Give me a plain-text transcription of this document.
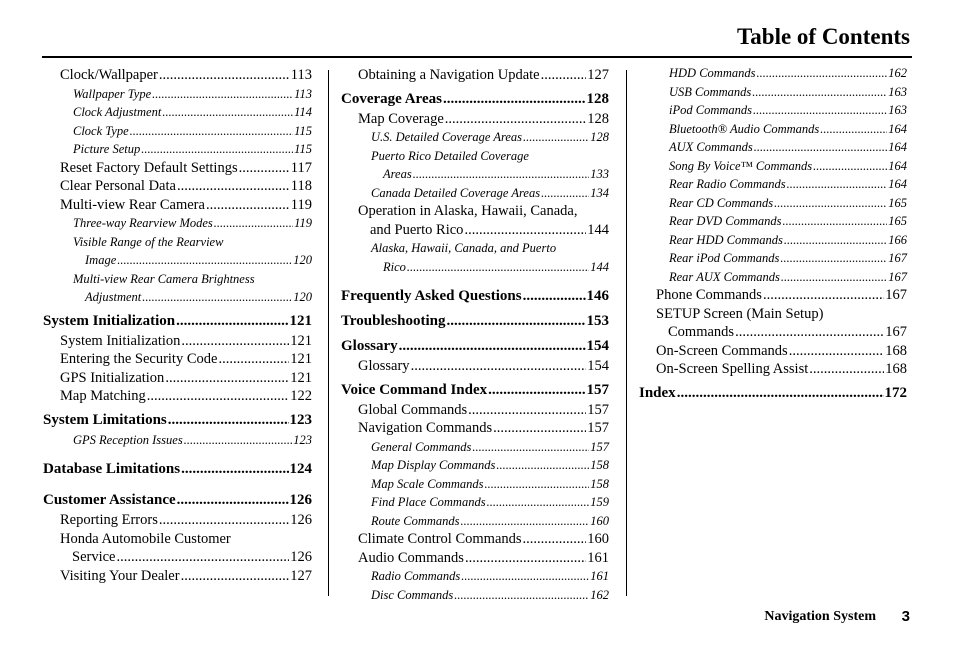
Table of Contents
Clock/Wallpaper .....	113
Wallpaper Type .....	113
Clock Adjustment .....	114
Clock Type .....	115
Picture Setup .....	115
Reset Factory Default Settings .....	117
Clear Personal Data .....	118
Multi-view Rear Camera .....	119
Three-way Rearview Modes .....	119
Visible Range of the Rearview
Image .....	120
Multi-view Rear Camera Brightness
Adjustment .....	120
System Initialization .....	121
System Initialization .....	121
Entering the Security Code .....	121
GPS Initialization .....	121
Map Matching .....	122
System Limitations .....	123
GPS Reception Issues .....	123
Database Limitations .....	124
Customer Assistance .....	126
Reporting Errors .....	126
Honda Automobile Customer
Service .....	126
Visiting Your Dealer .....	127
Obtaining a Navigation Update .....	127
Coverage Areas .....	128
Map Coverage .....	128
U.S. Detailed Coverage Areas .....	128
Puerto Rico Detailed Coverage
Areas .....	133
Canada Detailed Coverage Areas .....	134
Operation in Alaska, Hawaii, Canada,
and Puerto Rico .....	144
Alaska, Hawaii, Canada, and Puerto
Rico .....	144
Frequently Asked Questions .....	146
Troubleshooting .....	153
Glossary .....	154
Glossary .....	154
Voice Command Index .....	157
Global Commands .....	157
Navigation Commands .....	157
General Commands .....	157
Map Display Commands .....	158
Map Scale Commands .....	158
Find Place Commands .....	159
Route Commands .....	160
Climate Control Commands .....	160
Audio Commands .....	161
Radio Commands .....	161
Disc Commands .....	162
HDD Commands .....	162
USB Commands .....	163
iPod Commands .....	163
Bluetooth® Audio Commands .....	164
AUX Commands .....	164
Song By Voice™ Commands .....	164
Rear Radio Commands .....	164
Rear CD Commands .....	165
Rear DVD Commands .....	165
Rear HDD Commands .....	166
Rear iPod Commands .....	167
Rear AUX Commands .....	167
Phone Commands .....	167
SETUP Screen (Main Setup)
Commands .....	167
On-Screen Commands .....	168
On-Screen Spelling Assist .....	168
Index .....	172
Navigation System 3
